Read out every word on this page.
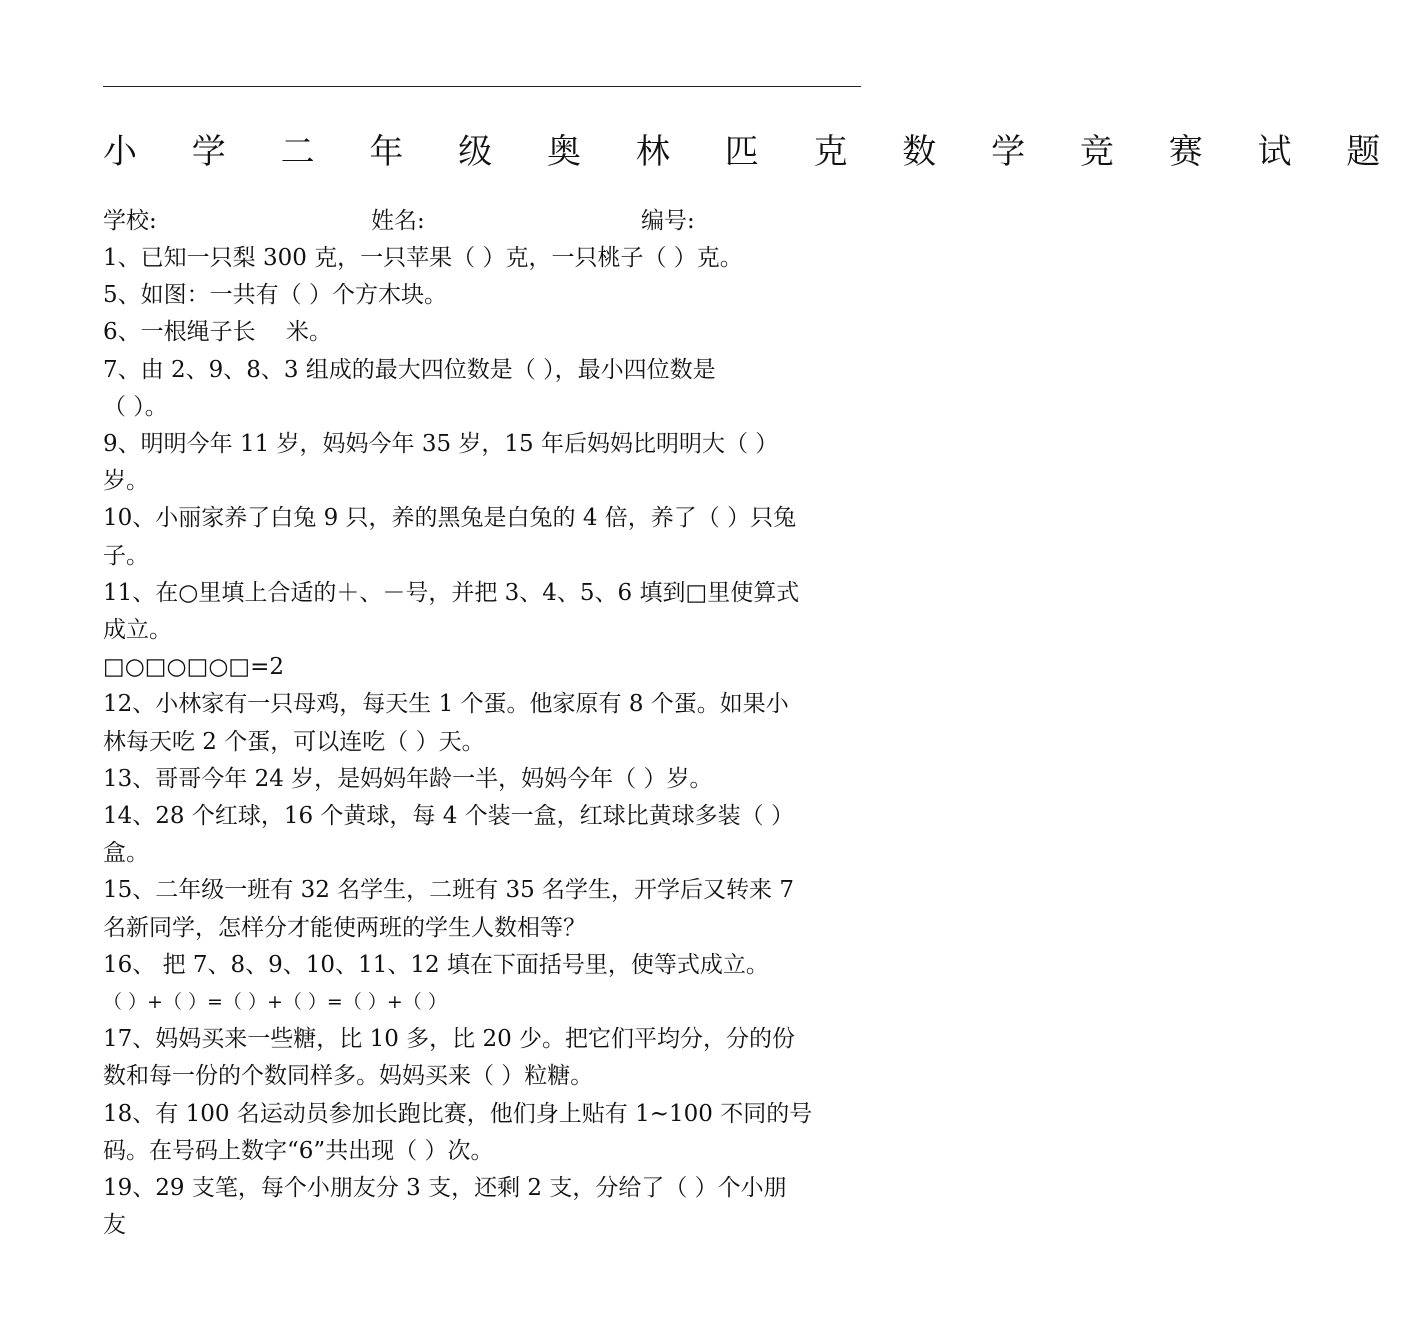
小 学 二 年 级 奥 林 匹 克 数 学 竞 赛 试 题
学校:	姓名:	编号:
1、已知一只梨 300 克，一只苹果（ ）克，一只桃子（ ）克。
5、如图：一共有（ ）个方木块。
6、一根绳子长　 米。
7、由 2、9、8、3 组成的最大四位数是（ ），最小四位数是
（ ）。
9、明明今年 11 岁，妈妈今年 35 岁，15 年后妈妈比明明大（ ）
岁。
10、小丽家养了白兔 9 只，养的黑兔是白兔的 4 倍，养了（ ）只兔
子。
11、在○里填上合适的＋、－号，并把 3、4、5、6 填到□里使算式
成立。
□○□○□○□=2
12、小林家有一只母鸡，每天生 1 个蛋。他家原有 8 个蛋。如果小
林每天吃 2 个蛋，可以连吃（ ）天。
13、哥哥今年 24 岁，是妈妈年龄一半，妈妈今年（ ）岁。
14、28 个红球，16 个黄球，每 4 个装一盒，红球比黄球多装（ ）
盒。
15、二年级一班有 32 名学生，二班有 35 名学生，开学后又转来 7
名新同学，怎样分才能使两班的学生人数相等？
16、 把 7、8、9、10、11、12 填在下面括号里，使等式成立。
（ ）+（ ）=（ ）+（ ）=（ ）+（ ）
17、妈妈买来一些糖，比 10 多，比 20 少。把它们平均分，分的份
数和每一份的个数同样多。妈妈买来（ ）粒糖。
18、有 100 名运动员参加长跑比赛，他们身上贴有 1~100 不同的号
码。在号码上数字“6”共出现（ ）次。
19、29 支笔，每个小朋友分 3 支，还剩 2 支，分给了（ ）个小朋
友
